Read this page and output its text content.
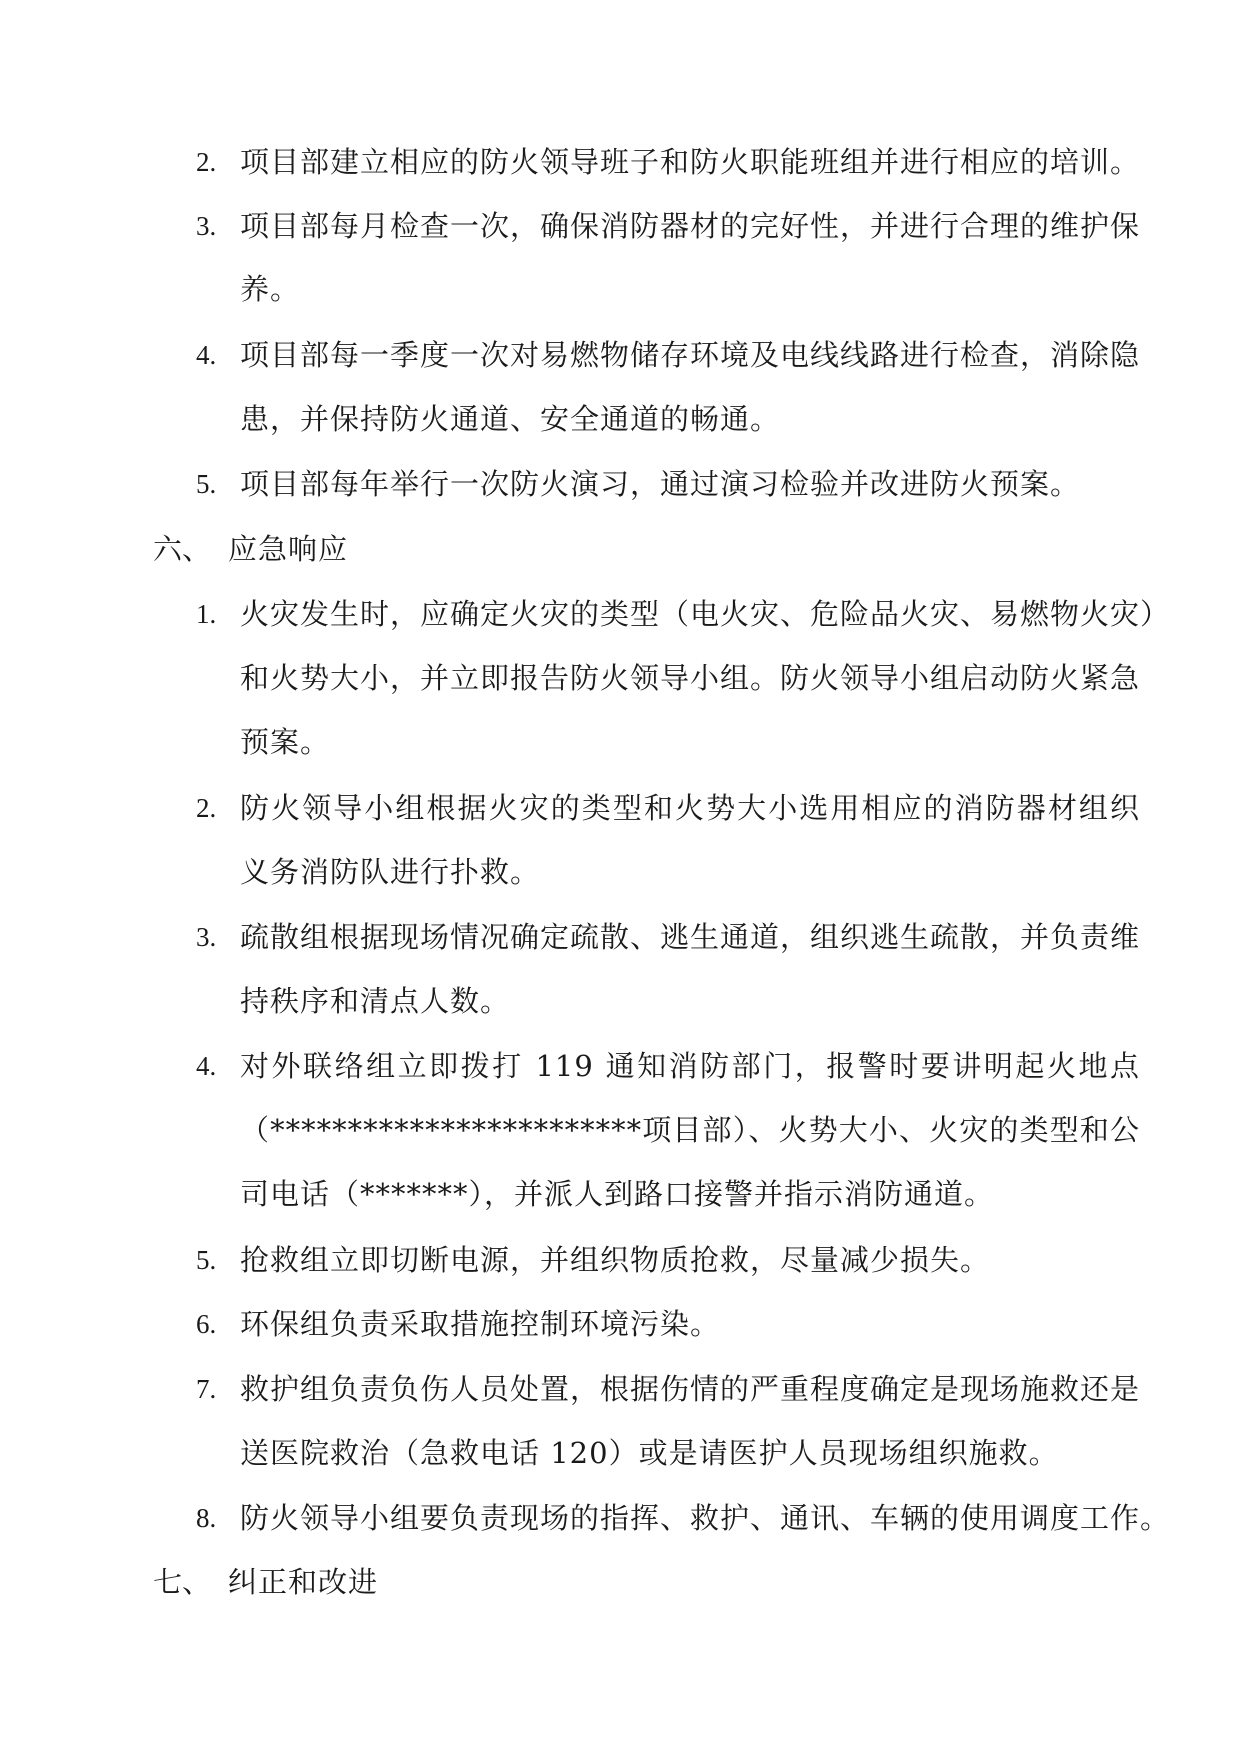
2. 项目部建立相应的防火领导班子和防火职能班组并进行相应的培训。
3. 项目部每月检查一次，确保消防器材的完好性，并进行合理的维护保
养。
4. 项目部每一季度一次对易燃物储存环境及电线线路进行检查，消除隐
患，并保持防火通道、安全通道的畅通。
5. 项目部每年举行一次防火演习，通过演习检验并改进防火预案。
六、 应急响应
1. 火灾发生时，应确定火灾的类型（电火灾、危险品火灾、易燃物火灾）
和火势大小，并立即报告防火领导小组。防火领导小组启动防火紧急
预案。
2. 防火领导小组根据火灾的类型和火势大小选用相应的消防器材组织
义务消防队进行扑救。
3. 疏散组根据现场情况确定疏散、逃生通道，组织逃生疏散，并负责维
持秩序和清点人数。
4. 对外联络组立即拨打 119 通知消防部门，报警时要讲明起火地点
（************************项目部）、火势大小、火灾的类型和公
司电话（*******），并派人到路口接警并指示消防通道。
5. 抢救组立即切断电源，并组织物质抢救，尽量减少损失。
6. 环保组负责采取措施控制环境污染。
7. 救护组负责负伤人员处置，根据伤情的严重程度确定是现场施救还是
送医院救治（急救电话 120）或是请医护人员现场组织施救。
8. 防火领导小组要负责现场的指挥、救护、通讯、车辆的使用调度工作。
七、 纠正和改进
